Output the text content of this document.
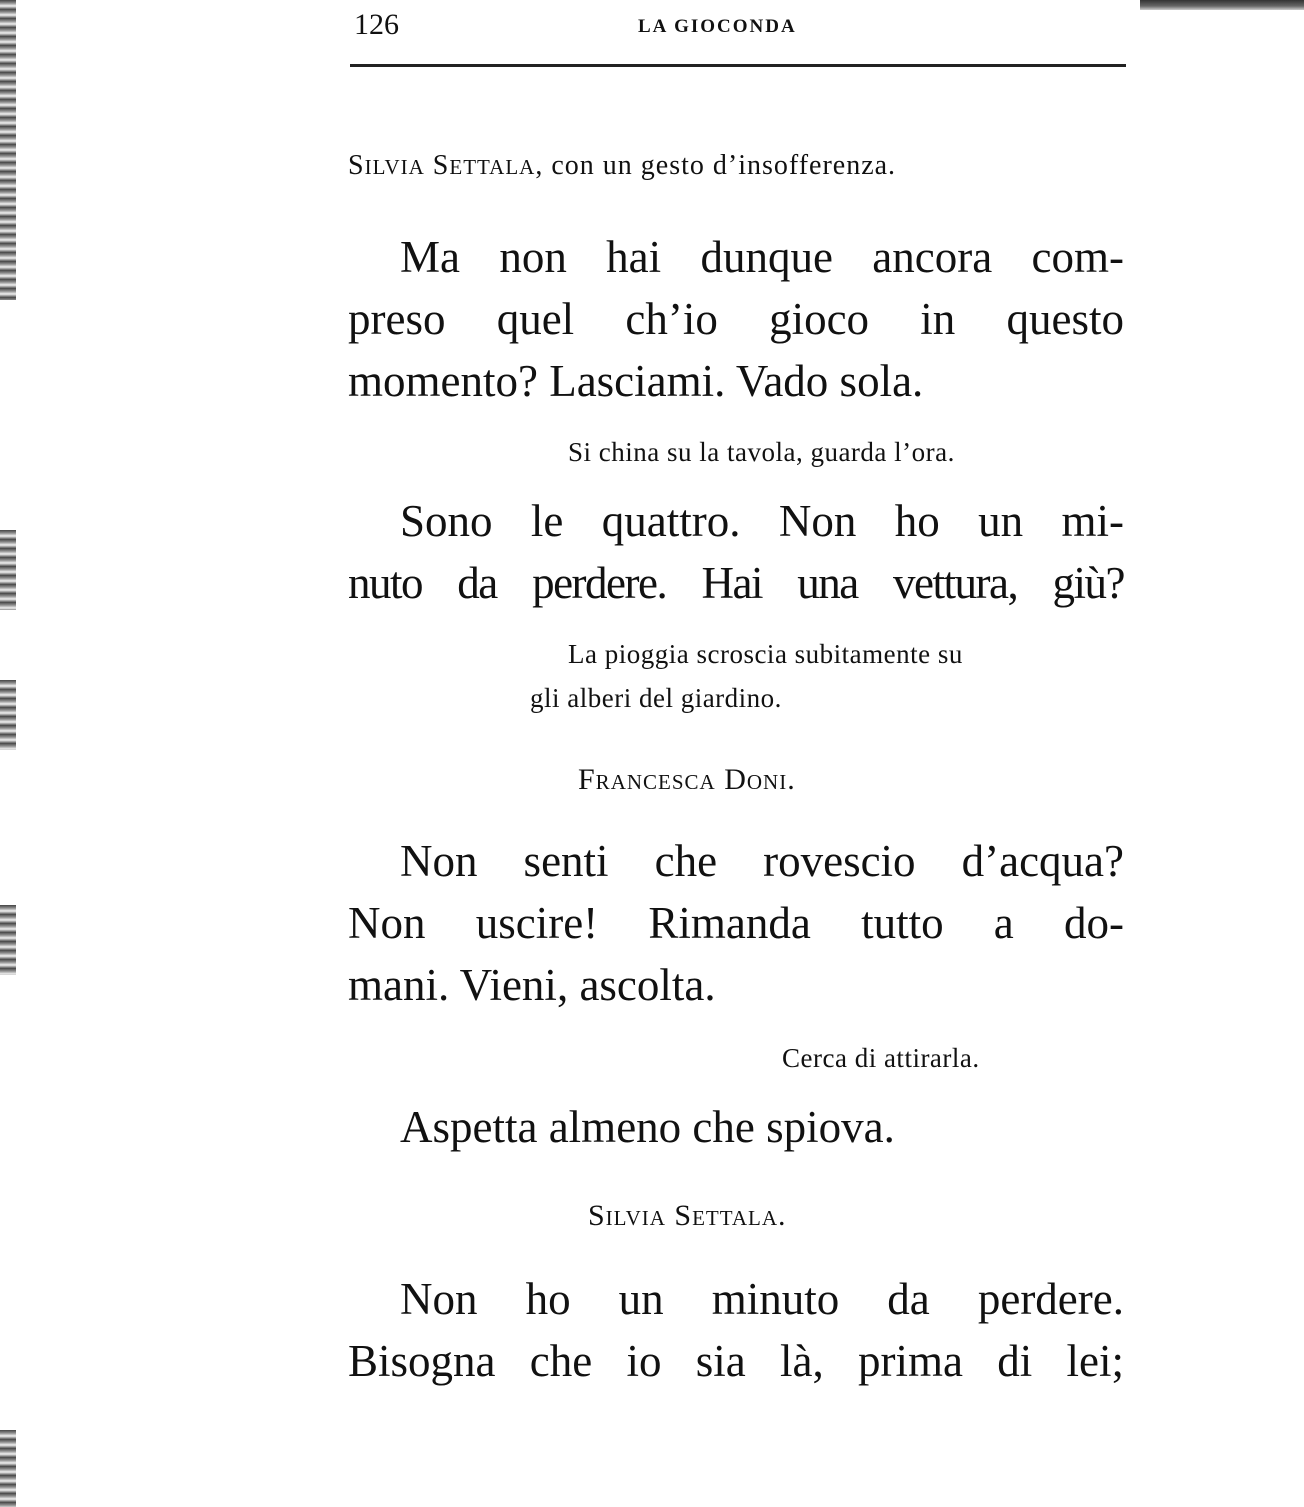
126	LA GIOCONDA
Silvia Settala, con un gesto d’insofferenza.
Ma non hai dunque ancora com-
preso quel ch’io gioco in questo
momento? Lasciami. Vado sola.
Si china su la tavola, guarda l’ora.
Sono le quattro. Non ho un mi-
nuto da perdere. Hai una vettura, giù?
La pioggia scroscia subitamente su
gli alberi del giardino.
Francesca Doni.
Non senti che rovescio d’acqua?
Non uscire! Rimanda tutto a do-
mani. Vieni, ascolta.
Cerca di attirarla.
Aspetta almeno che spiova.
Silvia Settala.
Non ho un minuto da perdere.
Bisogna che io sia là, prima di lei;
